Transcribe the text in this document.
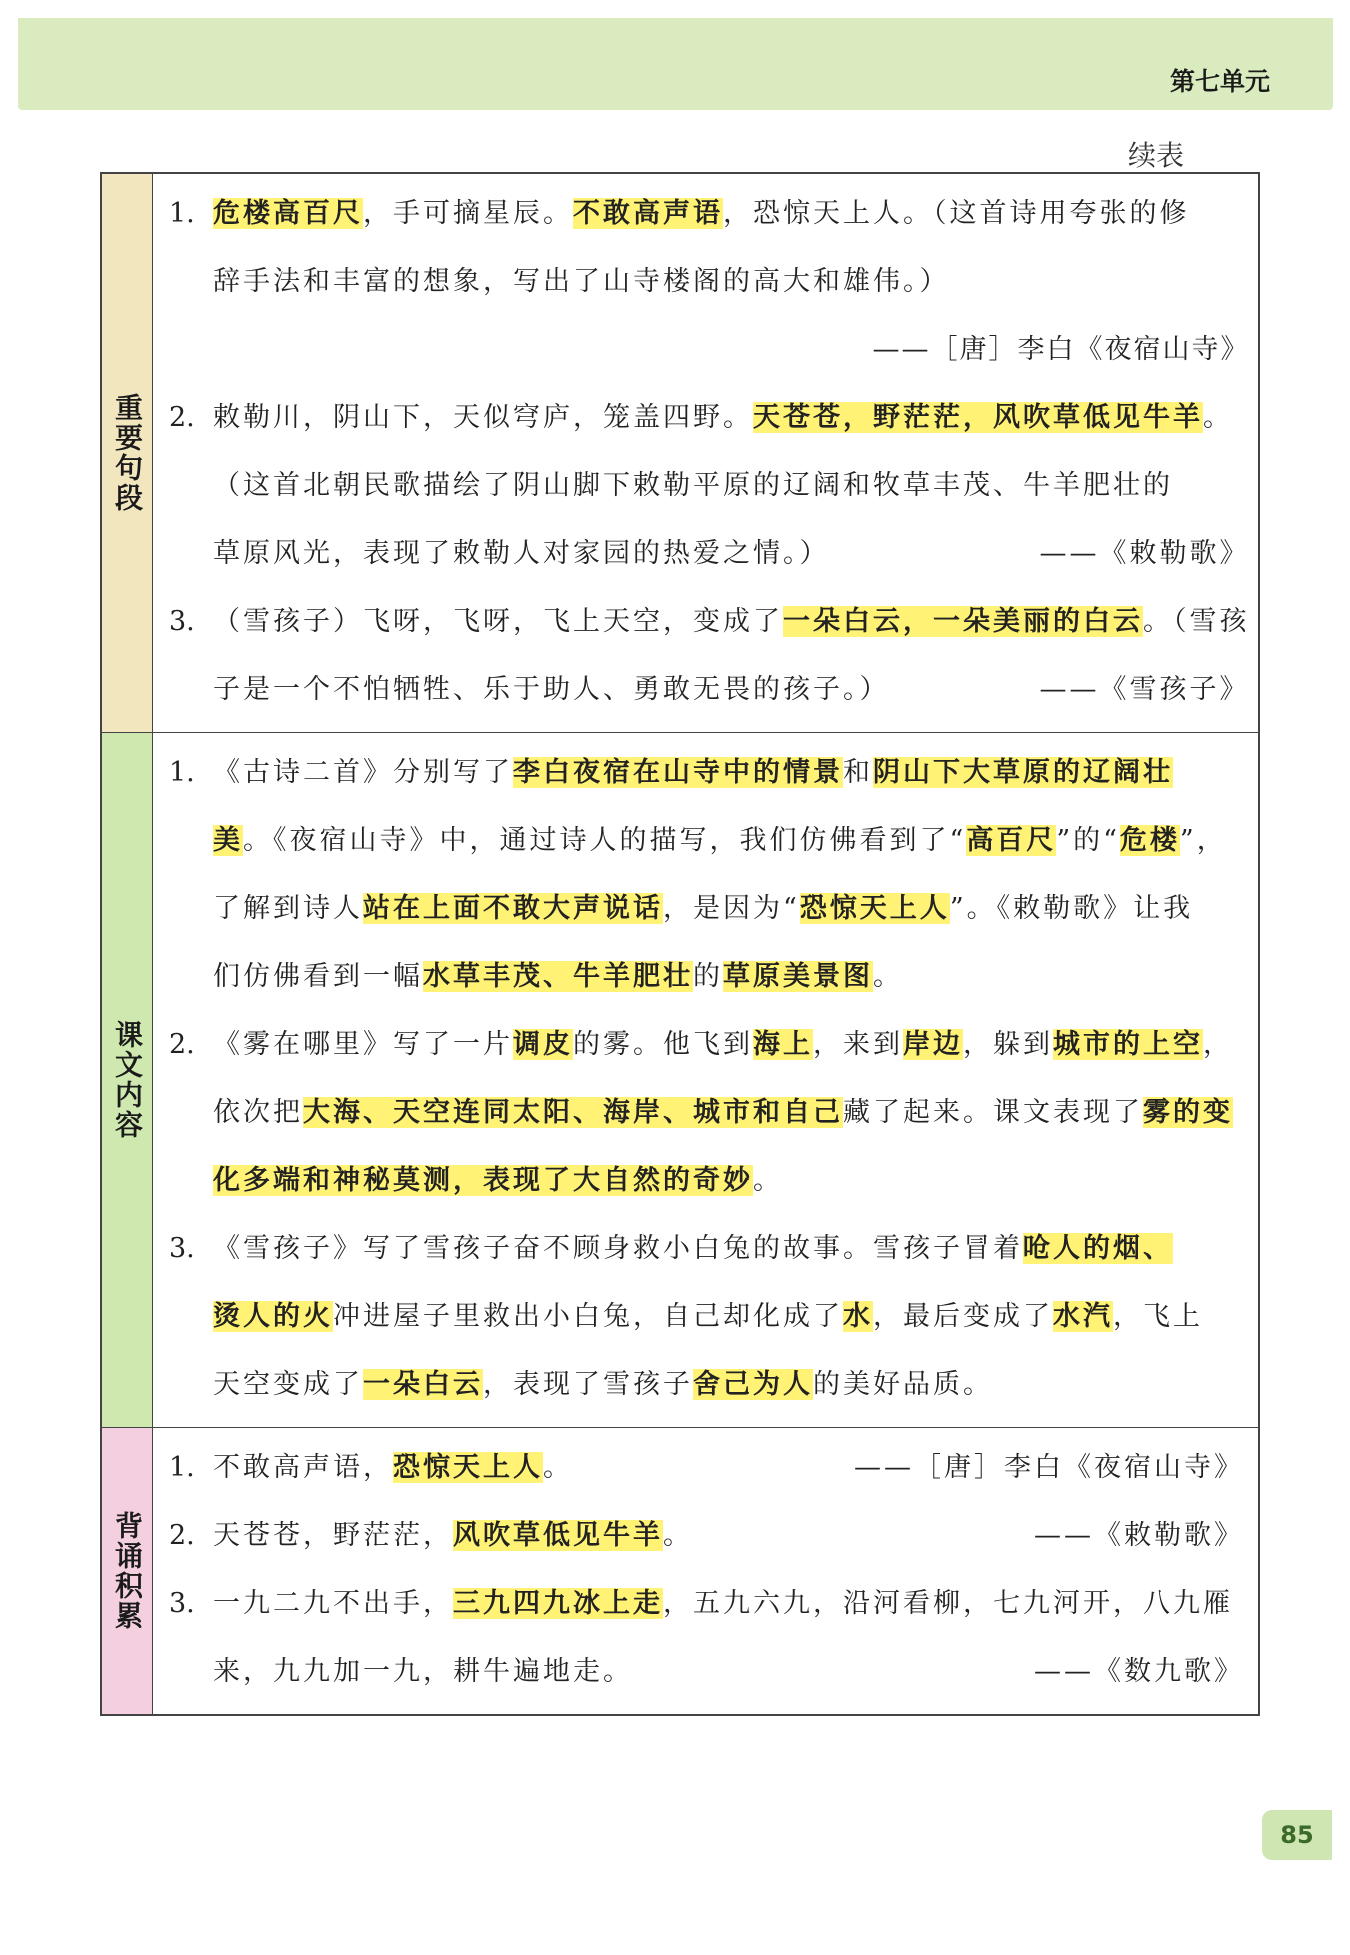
第七单元
续表
重要句段
1. 危楼高百尺，手可摘星辰。不敢高声语，恐惊天上人。（这首诗用夸张的修
辞手法和丰富的想象，写出了山寺楼阁的高大和雄伟。）
——［唐］李白《夜宿山寺》
2. 敕勒川，阴山下，天似穹庐，笼盖四野。天苍苍，野茫茫，风吹草低见牛羊。
（这首北朝民歌描绘了阴山脚下敕勒平原的辽阔和牧草丰茂、牛羊肥壮的
草原风光，表现了敕勒人对家园的热爱之情。）	——《敕勒歌》
3. （雪孩子）飞呀，飞呀，飞上天空，变成了一朵白云，一朵美丽的白云。（雪孩
子是一个不怕牺牲、乐于助人、勇敢无畏的孩子。）	——《雪孩子》
课文内容
1. 《古诗二首》分别写了李白夜宿在山寺中的情景和阴山下大草原的辽阔壮
美。《夜宿山寺》中，通过诗人的描写，我们仿佛看到了“高百尺”的“危楼”，
了解到诗人站在上面不敢大声说话，是因为“恐惊天上人”。《敕勒歌》让我
们仿佛看到一幅水草丰茂、牛羊肥壮的草原美景图。
2. 《雾在哪里》写了一片调皮的雾。他飞到海上，来到岸边，躲到城市的上空，
依次把大海、天空连同太阳、海岸、城市和自己藏了起来。课文表现了雾的变
化多端和神秘莫测，表现了大自然的奇妙。
3. 《雪孩子》写了雪孩子奋不顾身救小白兔的故事。雪孩子冒着呛人的烟、
烫人的火冲进屋子里救出小白兔，自己却化成了水，最后变成了水汽，飞上
天空变成了一朵白云，表现了雪孩子舍己为人的美好品质。
背诵积累
1. 不敢高声语，恐惊天上人。	——［唐］李白《夜宿山寺》
2. 天苍苍，野茫茫，风吹草低见牛羊。	——《敕勒歌》
3. 一九二九不出手，三九四九冰上走，五九六九，沿河看柳，七九河开，八九雁
来，九九加一九，耕牛遍地走。	——《数九歌》
85
